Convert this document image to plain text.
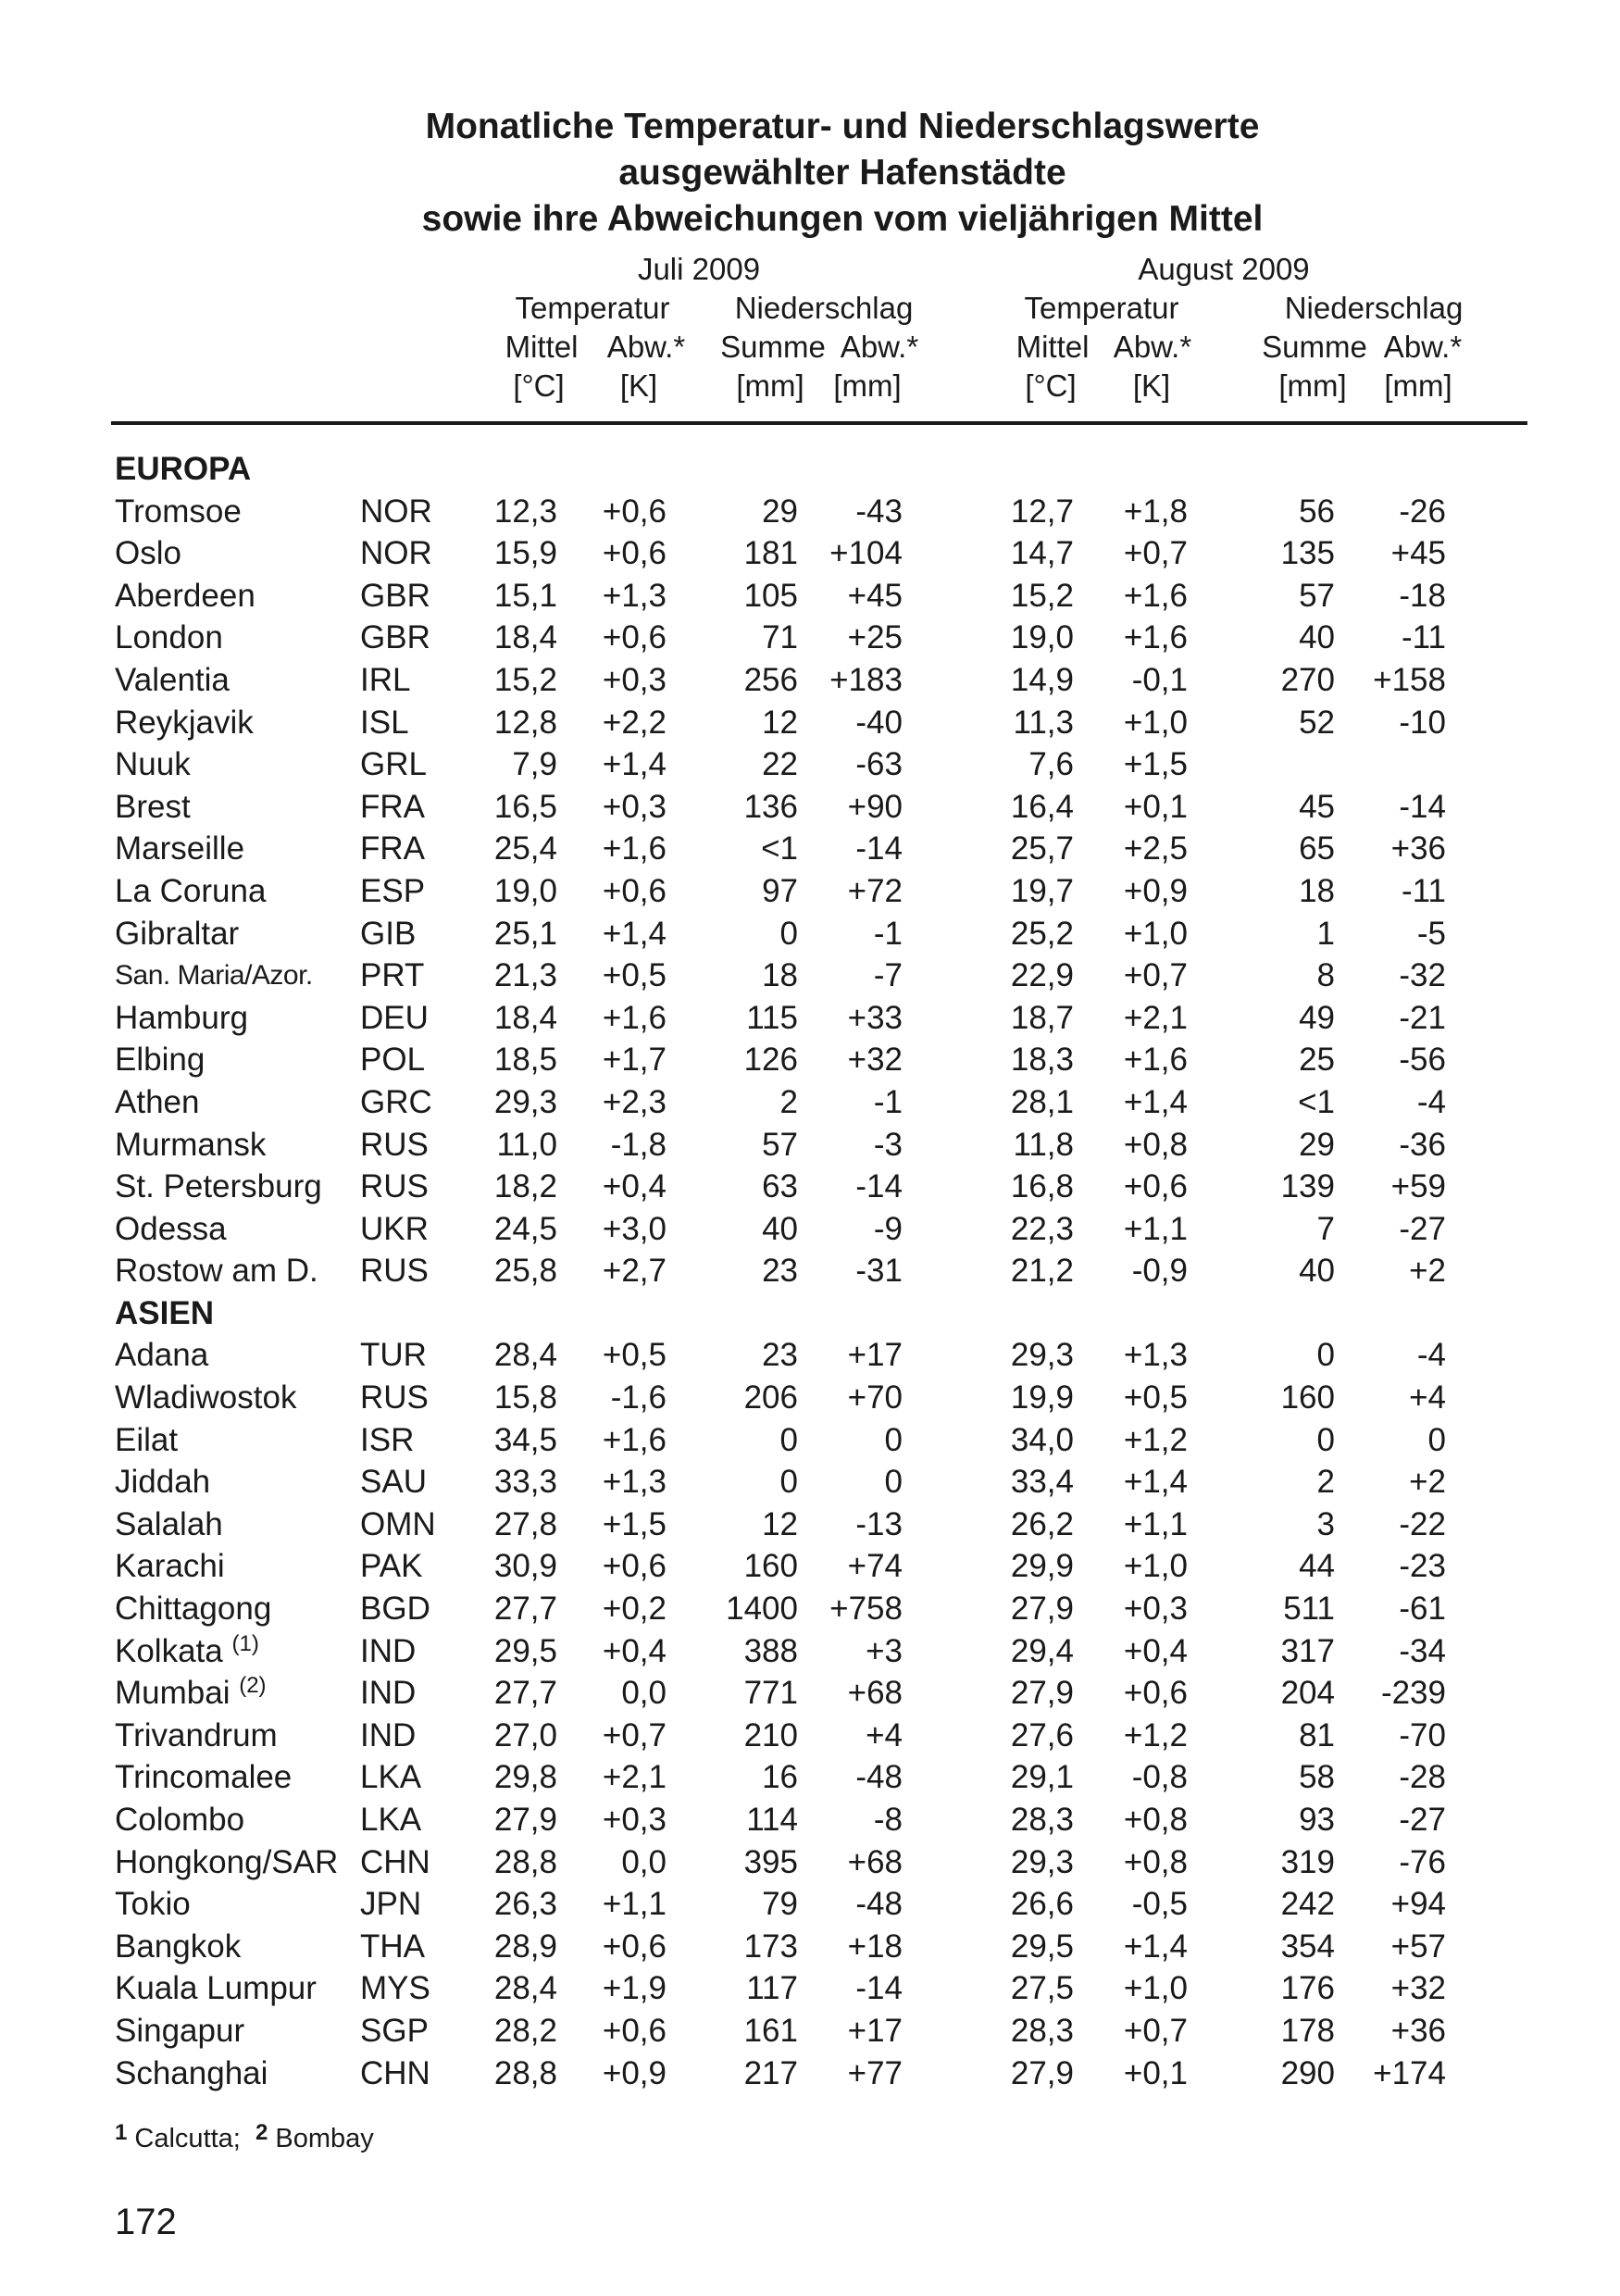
Monatliche Temperatur- und Niederschlagswerte
ausgewählter Hafenstädte
sowie ihre Abweichungen vom vieljährigen Mittel
Juli 2009	August 2009
Temperatur Niederschlag	Temperatur	Niederschlag
Mittel Abw.* Summe Abw.*	Mittel Abw.* Summe Abw.*
[°C] [K]	[mm] [mm]	[°C] [K]	[mm] [mm]
EUROPA
Tromsoe	NOR 12,3 +0,6	29 -43	12,7 +1,8	56 -26
Oslo	NOR 15,9 +0,6 181 +104	14,7 +0,7	135 +45
Aberdeen	GBR 15,1 +1,3 105 +45	15,2 +1,6	57 -18
London	GBR 18,4 +0,6	71 +25	19,0 +1,6	40 -11
Valentia	IRL	15,2 +0,3 256 +183	14,9 -0,1	270 +158
Reykjavik	ISL	12,8 +2,2	12 -40	11,3 +1,0	52 -10
Nuuk	GRL	7,9 +1,4	22 -63	7,6 +1,5
Brest	FRA 16,5 +0,3 136 +90	16,4 +0,1	45 -14
Marseille	FRA 25,4 +1,6	<1 -14	25,7 +2,5	65 +36
La Coruna	ESP 19,0 +0,6	97 +72	19,7 +0,9	18 -11
Gibraltar	GIB 25,1 +1,4	0 -1	25,2 +1,0	1	-5
San. Maria/Azor. PRT 21,3 +0,5	18 -7	22,9 +0,7	8 -32
Hamburg	DEU 18,4 +1,6 115 +33	18,7 +2,1	49 -21
Elbing	POL 18,5 +1,7 126 +32	18,3 +1,6	25 -56
Athen	GRC 29,3 +2,3	2 -1	28,1 +1,4	<1	-4
Murmansk	RUS 11,0 -1,8	57 -3	11,8 +0,8	29 -36
St. Petersburg RUS 18,2 +0,4	63 -14	16,8 +0,6	139 +59
Odessa	UKR 24,5 +3,0	40 -9	22,3 +1,1	7 -27
Rostow am D. RUS 25,8 +2,7	23 -31	21,2 -0,9	40 +2
ASIEN
Adana	TUR 28,4 +0,5	23 +17	29,3 +1,3	0	-4
Wladiwostok RUS 15,8 -1,6 206 +70	19,9 +0,5	160 +4
Eilat	ISR 34,5 +1,6	0	0	34,0 +1,2	0	0
Jiddah	SAU 33,3 +1,3	0	0	33,4 +1,4	2 +2
Salalah	OMN 27,8 +1,5	12 -13	26,2 +1,1	3 -22
Karachi	PAK 30,9 +0,6 160 +74	29,9 +1,0	44 -23
Chittagong	BGD 27,7 +0,2 1400 +758	27,9 +0,3	511 -61
Kolkata $^{(1)}$	IND 29,5 +0,4 388 +3	29,4 +0,4	317 -34
Mumbai $^{(2)}$	IND 27,7 0,0 771 +68	27,9 +0,6	204 -239
Trivandrum	IND 27,0 +0,7 210 +4	27,6 +1,2	81 -70
Trincomalee LKA 29,8 +2,1	16 -48	29,1 -0,8	58 -28
Colombo	LKA 27,9 +0,3 114 -8	28,3 +0,8	93 -27
Hongkong/SAR CHN 28,8 0,0 395 +68	29,3 +0,8	319 -76
Tokio	JPN 26,3 +1,1	79 -48	26,6 -0,5	242 +94
Bangkok	THA 28,9 +0,6 173 +18	29,5 +1,4	354 +57
Kuala Lumpur MYS 28,4 +1,9 117 -14	27,5 +1,0	176 +32
Singapur	SGP 28,2 +0,6 161 +17	28,3 +0,7	178 +36
Schanghai	CHN 28,8 +0,9 217 +77	27,9 +0,1	290 +174
$^1$ Calcutta; $^2$ Bombay
172
